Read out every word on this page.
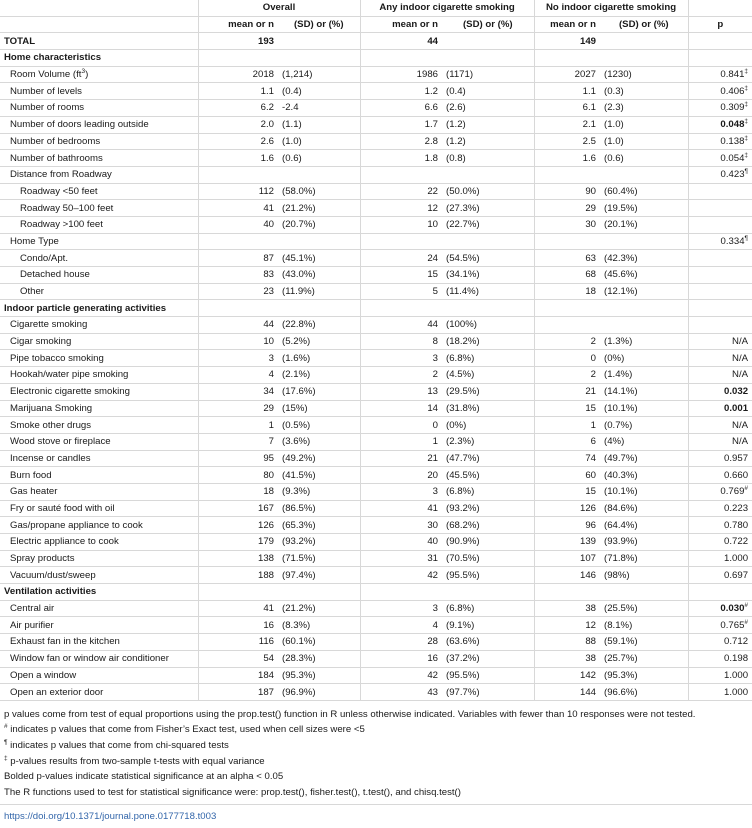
	Overall		Any indoor cigarette smoking		No indoor cigarette smoking		
	mean or n	(SD) or (%)	mean or n	(SD) or (%)	mean or n	(SD) or (%)	p
TOTAL	193		44		149		
Home characteristics							
Room Volume $(ft^3)$	2018	(1,214)	1986	(1171)	2027	(1230)	0.841‡
Number of levels	1.1	(0.4)	1.2	(0.4)	1.1	(0.3)	0.406‡
Number of rooms	6.2	-2.4	6.6	(2.6)	6.1	(2.3)	0.309‡
Number of doors leading outside	2.0	(1.1)	1.7	(1.2)	2.1	(1.0)	0.048‡
Number of bedrooms	2.6	(1.0)	2.8	(1.2)	2.5	(1.0)	0.138‡
Number of bathrooms	1.6	(0.6)	1.8	(0.8)	1.6	(0.6)	0.054‡
Distance from Roadway							0.423¶
Roadway <50 feet	112	(58.0%)	22	(50.0%)	90	(60.4%)	
Roadway 50–100 feet	41	(21.2%)	12	(27.3%)	29	(19.5%)	
Roadway >100 feet	40	(20.7%)	10	(22.7%)	30	(20.1%)	
Home Type							0.334¶
Condo/Apt.	87	(45.1%)	24	(54.5%)	63	(42.3%)	
Detached house	83	(43.0%)	15	(34.1%)	68	(45.6%)	
Other	23	(11.9%)	5	(11.4%)	18	(12.1%)	
Indoor particle generating activities							
Cigarette smoking	44	(22.8%)	44	(100%)			
Cigar smoking	10	(5.2%)	8	(18.2%)	2	(1.3%)	N/A
Pipe tobacco smoking	3	(1.6%)	3	(6.8%)	0	(0%)	N/A
Hookah/water pipe smoking	4	(2.1%)	2	(4.5%)	2	(1.4%)	N/A
Electronic cigarette smoking	34	(17.6%)	13	(29.5%)	21	(14.1%)	0.032
Marijuana Smoking	29	(15%)	14	(31.8%)	15	(10.1%)	0.001
Smoke other drugs	1	(0.5%)	0	(0%)	1	(0.7%)	N/A
Wood stove or fireplace	7	(3.6%)	1	(2.3%)	6	(4%)	N/A
Incense or candles	95	(49.2%)	21	(47.7%)	74	(49.7%)	0.957
Burn food	80	(41.5%)	20	(45.5%)	60	(40.3%)	0.660
Gas heater	18	(9.3%)	3	(6.8%)	15	(10.1%)	0.769#
Fry or sauté food with oil	167	(86.5%)	41	(93.2%)	126	(84.6%)	0.223
Gas/propane appliance to cook	126	(65.3%)	30	(68.2%)	96	(64.4%)	0.780
Electric appliance to cook	179	(93.2%)	40	(90.9%)	139	(93.9%)	0.722
Spray products	138	(71.5%)	31	(70.5%)	107	(71.8%)	1.000
Vacuum/dust/sweep	188	(97.4%)	42	(95.5%)	146	(98%)	0.697
Ventilation activities							
Central air	41	(21.2%)	3	(6.8%)	38	(25.5%)	0.030#
Air purifier	16	(8.3%)	4	(9.1%)	12	(8.1%)	0.765#
Exhaust fan in the kitchen	116	(60.1%)	28	(63.6%)	88	(59.1%)	0.712
Window fan or window air conditioner	54	(28.3%)	16	(37.2%)	38	(25.7%)	0.198
Open a window	184	(95.3%)	42	(95.5%)	142	(95.3%)	1.000
Open an exterior door	187	(96.9%)	43	(97.7%)	144	(96.6%)	1.000

p values come from test of equal proportions using the prop.test() function in R unless otherwise indicated. Variables with fewer than 10 responses were not tested.

# indicates p values that come from Fisher’s Exact test, used when cell sizes were <5

¶ indicates p values that come from chi-squared tests

‡ p-values results from two-sample t-tests with equal variance

Bolded p-values indicate statistical significance at an alpha < 0.05

The R functions used to test for statistical significance were: prop.test(), fisher.test(), t.test(), and chisq.test()

https://doi.org/10.1371/journal.pone.0177718.t003
